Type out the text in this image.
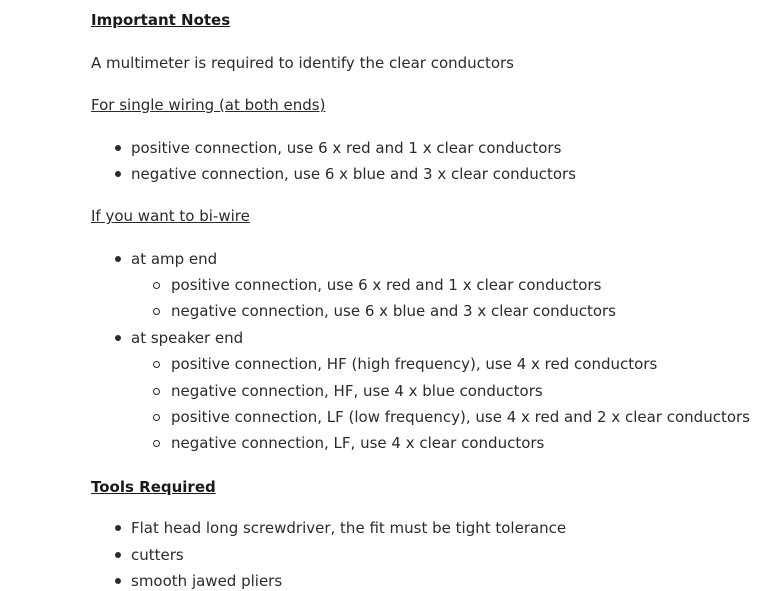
Important Notes
A multimeter is required to identify the clear conductors
For single wiring (at both ends)
positive connection, use 6 x red and 1 x clear conductors
negative connection, use 6 x blue and 3 x clear conductors
If you want to bi-wire
at amp end
positive connection, use 6 x red and 1 x clear conductors
negative connection, use 6 x blue and 3 x clear conductors
at speaker end
positive connection, HF (high frequency), use 4 x red conductors
negative connection, HF, use 4 x blue conductors
positive connection, LF (low frequency), use 4 x red and 2 x clear conductors
negative connection, LF, use 4 x clear conductors
Tools Required
Flat head long screwdriver, the fit must be tight tolerance
cutters
smooth jawed pliers
